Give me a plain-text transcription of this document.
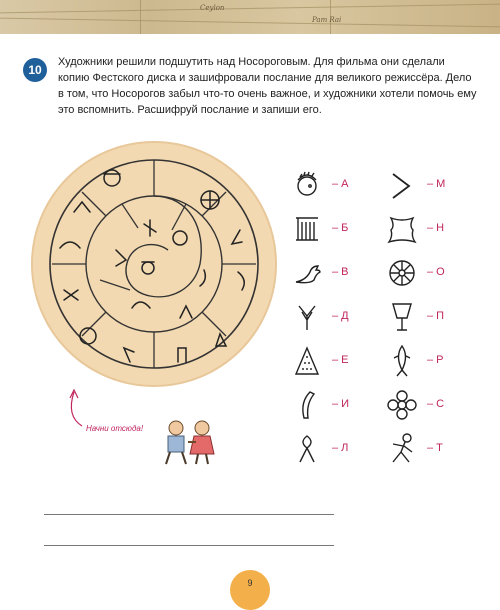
Ceylon
Pam Rai
10
Художники решили подшутить над Носороговым. Для фильма они сделали копию Фестского диска и зашифровали послание для великого режиссёра. Дело в том, что Носорогов забыл что-то очень важное, и художники хотели помочь ему это вспомнить. Расшифруй послание и запиши его.
Начни отсюда!
– А
– Б
– В
– Д
– Е
– И
– Л
– М
– Н
– О
– П
– Р
– С
– Т
9
